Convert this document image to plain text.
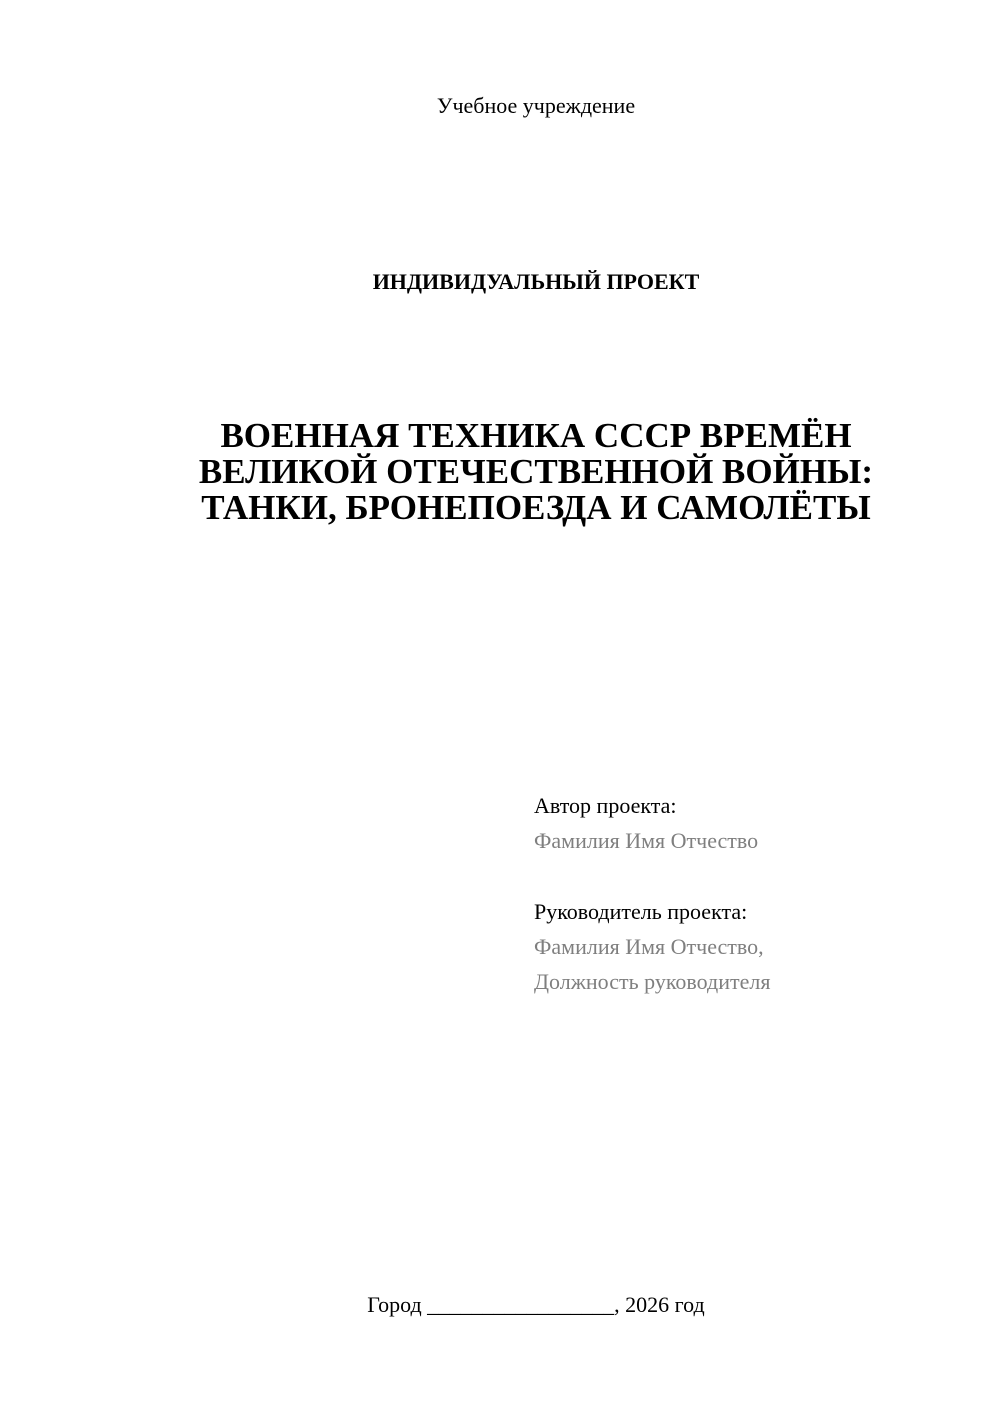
Учебное учреждение
ИНДИВИДУАЛЬНЫЙ ПРОЕКТ
ВОЕННАЯ ТЕХНИКА СССР ВРЕМЁН
ВЕЛИКОЙ ОТЕЧЕСТВЕННОЙ ВОЙНЫ:
ТАНКИ, БРОНЕПОЕЗДА И САМОЛЁТЫ
Автор проекта:
Фамилия Имя Отчество
Руководитель проекта:
Фамилия Имя Отчество,
Должность руководителя
Город _________________, 2026 год
